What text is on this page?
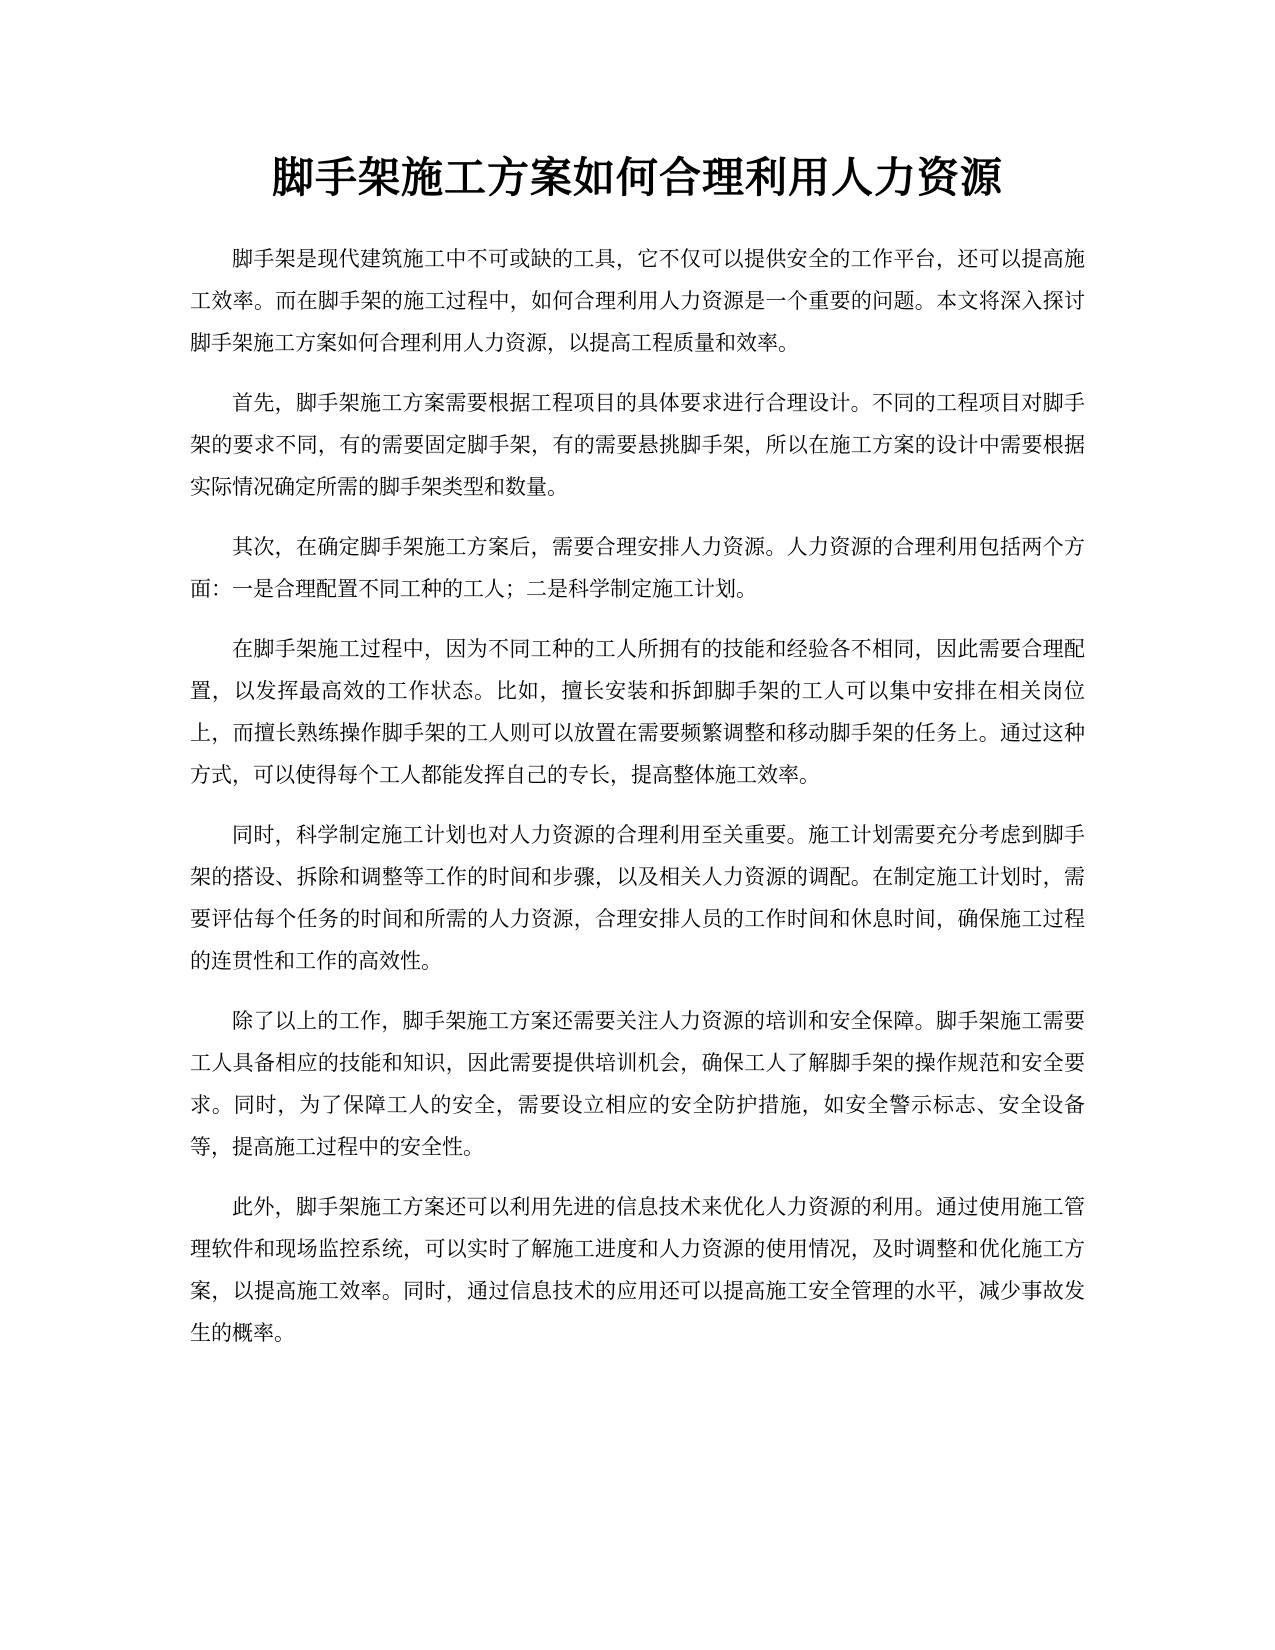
脚手架施工方案如何合理利用人力资源

脚手架是现代建筑施工中不可或缺的工具，它不仅可以提供安全的工作平台，还可以提高施工效率。而在脚手架的施工过程中，如何合理利用人力资源是一个重要的问题。本文将深入探讨脚手架施工方案如何合理利用人力资源，以提高工程质量和效率。

首先，脚手架施工方案需要根据工程项目的具体要求进行合理设计。不同的工程项目对脚手架的要求不同，有的需要固定脚手架，有的需要悬挑脚手架，所以在施工方案的设计中需要根据实际情况确定所需的脚手架类型和数量。

其次，在确定脚手架施工方案后，需要合理安排人力资源。人力资源的合理利用包括两个方面：一是合理配置不同工种的工人；二是科学制定施工计划。

在脚手架施工过程中，因为不同工种的工人所拥有的技能和经验各不相同，因此需要合理配置，以发挥最高效的工作状态。比如，擅长安装和拆卸脚手架的工人可以集中安排在相关岗位上，而擅长熟练操作脚手架的工人则可以放置在需要频繁调整和移动脚手架的任务上。通过这种方式，可以使得每个工人都能发挥自己的专长，提高整体施工效率。

同时，科学制定施工计划也对人力资源的合理利用至关重要。施工计划需要充分考虑到脚手架的搭设、拆除和调整等工作的时间和步骤，以及相关人力资源的调配。在制定施工计划时，需要评估每个任务的时间和所需的人力资源，合理安排人员的工作时间和休息时间，确保施工过程的连贯性和工作的高效性。

除了以上的工作，脚手架施工方案还需要关注人力资源的培训和安全保障。脚手架施工需要工人具备相应的技能和知识，因此需要提供培训机会，确保工人了解脚手架的操作规范和安全要求。同时，为了保障工人的安全，需要设立相应的安全防护措施，如安全警示标志、安全设备等，提高施工过程中的安全性。

此外，脚手架施工方案还可以利用先进的信息技术来优化人力资源的利用。通过使用施工管理软件和现场监控系统，可以实时了解施工进度和人力资源的使用情况，及时调整和优化施工方案，以提高施工效率。同时，通过信息技术的应用还可以提高施工安全管理的水平，减少事故发生的概率。
